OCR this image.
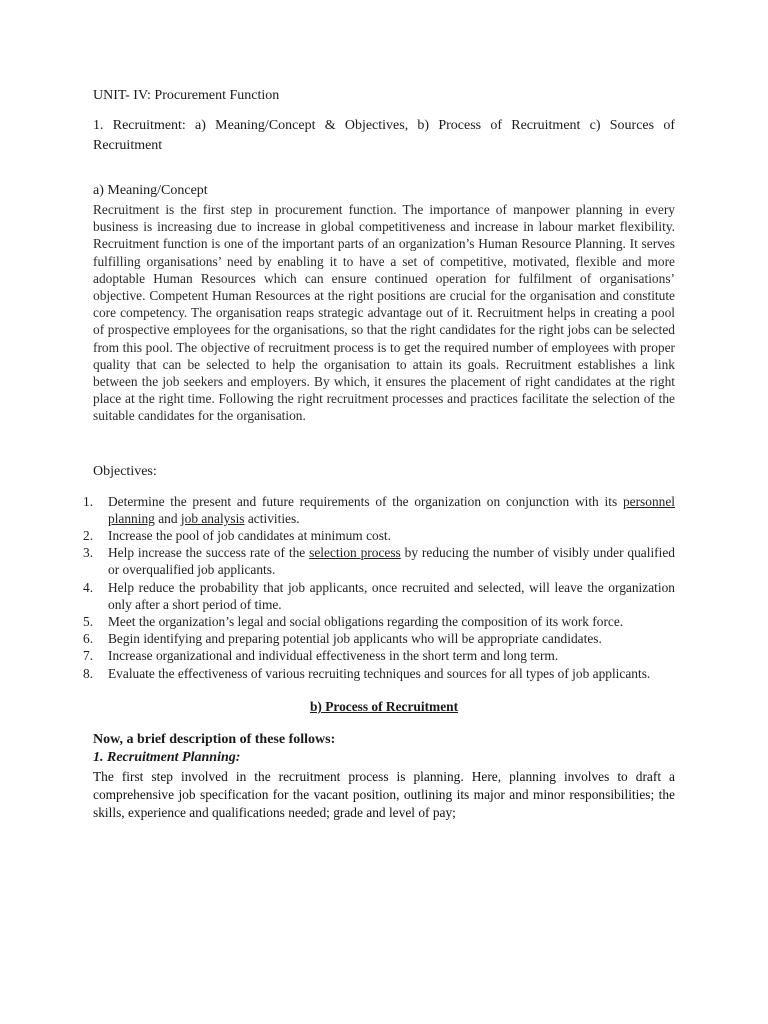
UNIT- IV: Procurement Function

1. Recruitment: a) Meaning/Concept & Objectives, b) Process of Recruitment c) Sources of Recruitment

a) Meaning/Concept

Recruitment is the first step in procurement function. The importance of manpower planning in every business is increasing due to increase in global competitiveness and increase in labour market flexibility. Recruitment function is one of the important parts of an organization’s Human Resource Planning. It serves fulfilling organisations’ need by enabling it to have a set of competitive, motivated, flexible and more adoptable Human Resources which can ensure continued operation for fulfilment of organisations’ objective. Competent Human Resources at the right positions are crucial for the organisation and constitute core competency. The organisation reaps strategic advantage out of it. Recruitment helps in creating a pool of prospective employees for the organisations, so that the right candidates for the right jobs can be selected from this pool. The objective of recruitment process is to get the required number of employees with proper quality that can be selected to help the organisation to attain its goals. Recruitment establishes a link between the job seekers and employers. By which, it ensures the placement of right candidates at the right place at the right time. Following the right recruitment processes and practices facilitate the selection of the suitable candidates for the organisation.

Objectives:

1.	Determine the present and future requirements of the organization on conjunction with its personnel planning and job analysis activities.
2.	Increase the pool of job candidates at minimum cost.
3.	Help increase the success rate of the selection process by reducing the number of visibly under qualified or overqualified job applicants.
4.	Help reduce the probability that job applicants, once recruited and selected, will leave the organization only after a short period of time.
5.	Meet the organization’s legal and social obligations regarding the composition of its work force.
6.	Begin identifying and preparing potential job applicants who will be appropriate candidates.
7.	Increase organizational and individual effectiveness in the short term and long term.
8.	Evaluate the effectiveness of various recruiting techniques and sources for all types of job applicants.

b) Process of Recruitment

Now, a brief description of these follows:

1. Recruitment Planning:

The first step involved in the recruitment process is planning. Here, planning involves to draft a comprehensive job specification for the vacant position, outlining its major and minor responsibilities; the skills, experience and qualifications needed; grade and level of pay;
